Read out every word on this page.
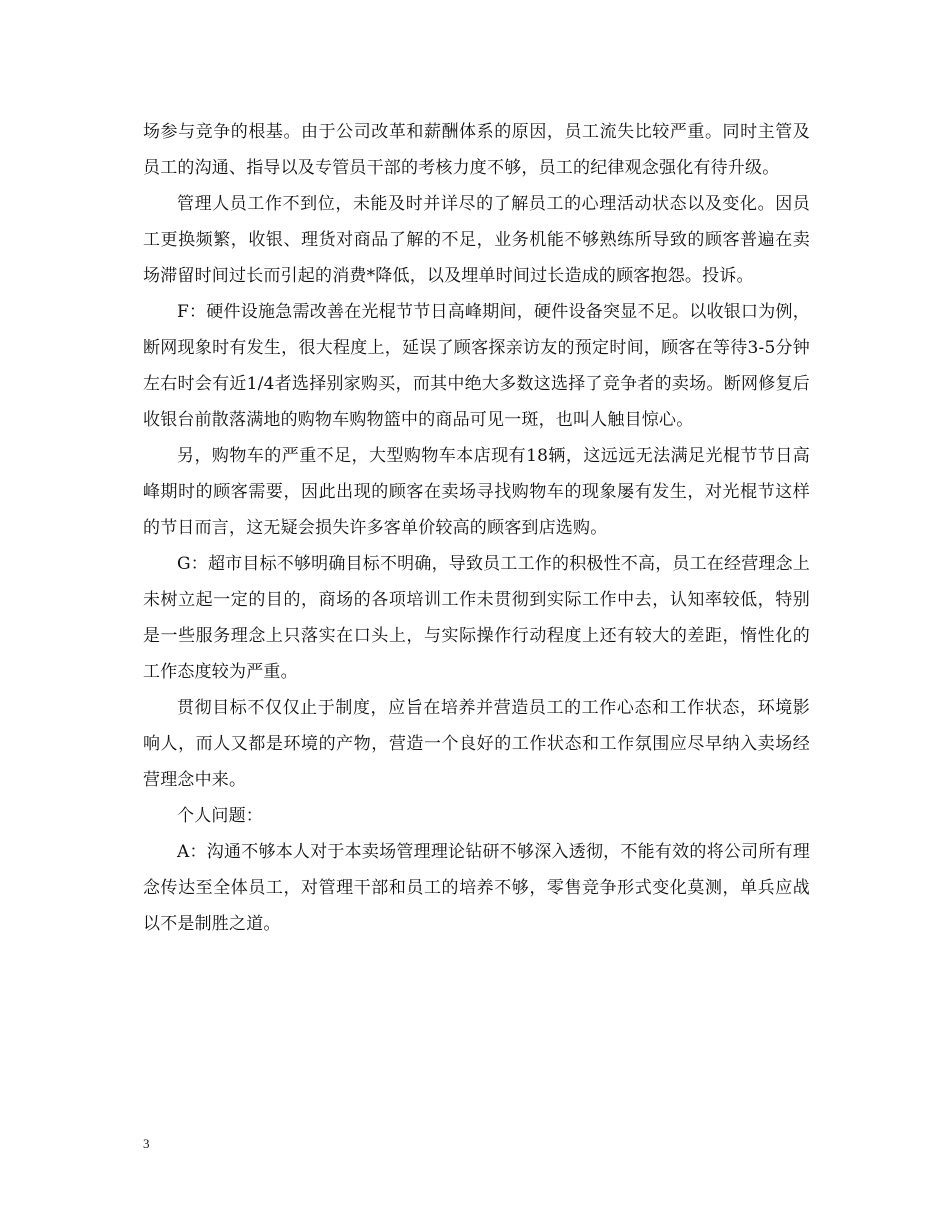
场参与竞争的根基。由于公司改革和薪酬体系的原因，员工流失比较严重。同时主管及员工的沟通、指导以及专管员干部的考核力度不够，员工的纪律观念强化有待升级。

管理人员工作不到位，未能及时并详尽的了解员工的心理活动状态以及变化。因员工更换频繁，收银、理货对商品了解的不足，业务机能不够熟练所导致的顾客普遍在卖场滞留时间过长而引起的消费*降低，以及埋单时间过长造成的顾客抱怨。投诉。

F：硬件设施急需改善在光棍节节日高峰期间，硬件设备突显不足。以收银口为例，断网现象时有发生，很大程度上，延误了顾客探亲访友的预定时间，顾客在等待3-5分钟左右时会有近1/4者选择别家购买，而其中绝大多数这选择了竞争者的卖场。断网修复后收银台前散落满地的购物车购物篮中的商品可见一斑，也叫人触目惊心。

另，购物车的严重不足，大型购物车本店现有18辆，这远远无法满足光棍节节日高峰期时的顾客需要，因此出现的顾客在卖场寻找购物车的现象屡有发生，对光棍节这样的节日而言，这无疑会损失许多客单价较高的顾客到店选购。

G：超市目标不够明确目标不明确，导致员工工作的积极性不高，员工在经营理念上未树立起一定的目的，商场的各项培训工作未贯彻到实际工作中去，认知率较低，特别是一些服务理念上只落实在口头上，与实际操作行动程度上还有较大的差距，惰性化的工作态度较为严重。

贯彻目标不仅仅止于制度，应旨在培养并营造员工的工作心态和工作状态，环境影响人，而人又都是环境的产物，营造一个良好的工作状态和工作氛围应尽早纳入卖场经营理念中来。

个人问题：

A：沟通不够本人对于本卖场管理理论钻研不够深入透彻，不能有效的将公司所有理念传达至全体员工，对管理干部和员工的培养不够，零售竞争形式变化莫测，单兵应战以不是制胜之道。

3
